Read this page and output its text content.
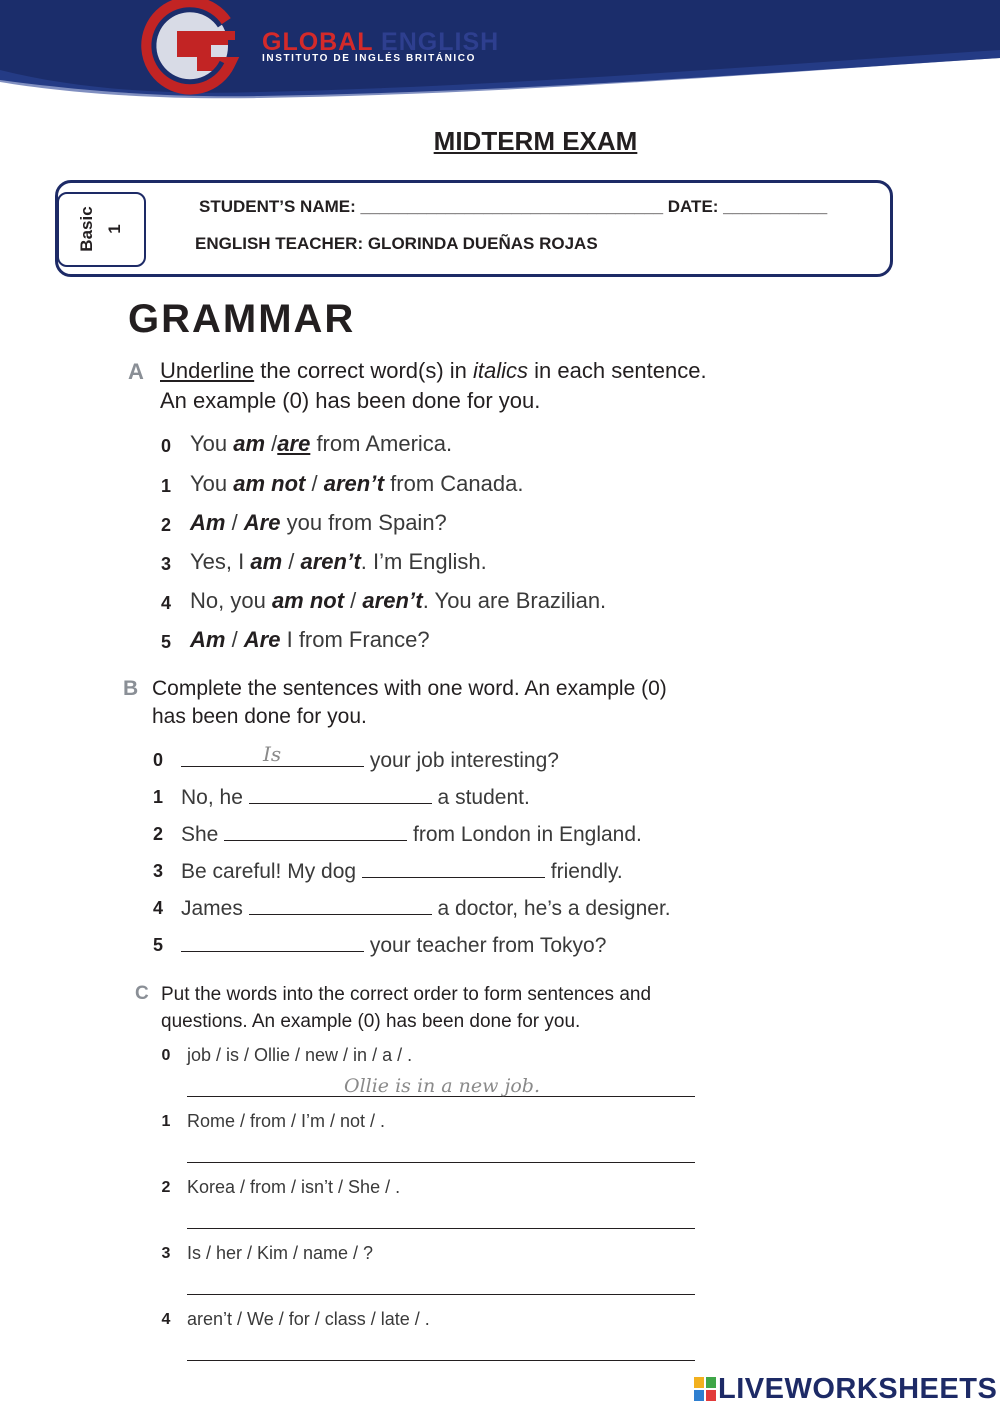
GLOBAL ENGLISH
INSTITUTO DE INGLÉS BRITÁNICO
MIDTERM EXAM
Basic 1
STUDENT’S NAME: ________________________________ DATE: ___________
ENGLISH TEACHER: GLORINDA DUEÑAS ROJAS
GRAMMAR
A Underline the correct word(s) in italics in each sentence.
An example (0) has been done for you.
0 You am /are from America.
1 You am not / aren’t from Canada.
2 Am / Are you from Spain?
3 Yes, I am / aren’t. I’m English.
4 No, you am not / aren’t. You are Brazilian.
5 Am / Are I from France?
B Complete the sentences with one word. An example (0)
has been done for you.
0	Is	your job interesting?
1 No, he	a student.
2 She	from London in England.
3 Be careful! My dog	friendly.
4 James	a doctor, he’s a designer.
5	your teacher from Tokyo?
C Put the words into the correct order to form sentences and
questions. An example (0) has been done for you.
0 job / is / Ollie / new / in / a / .
Ollie is in a new job.
1 Rome / from / I’m / not / .
2 Korea / from / isn’t / She / .
3 Is / her / Kim / name / ?
4 aren’t / We / for / class / late / .
LIVEWORKSHEETS
